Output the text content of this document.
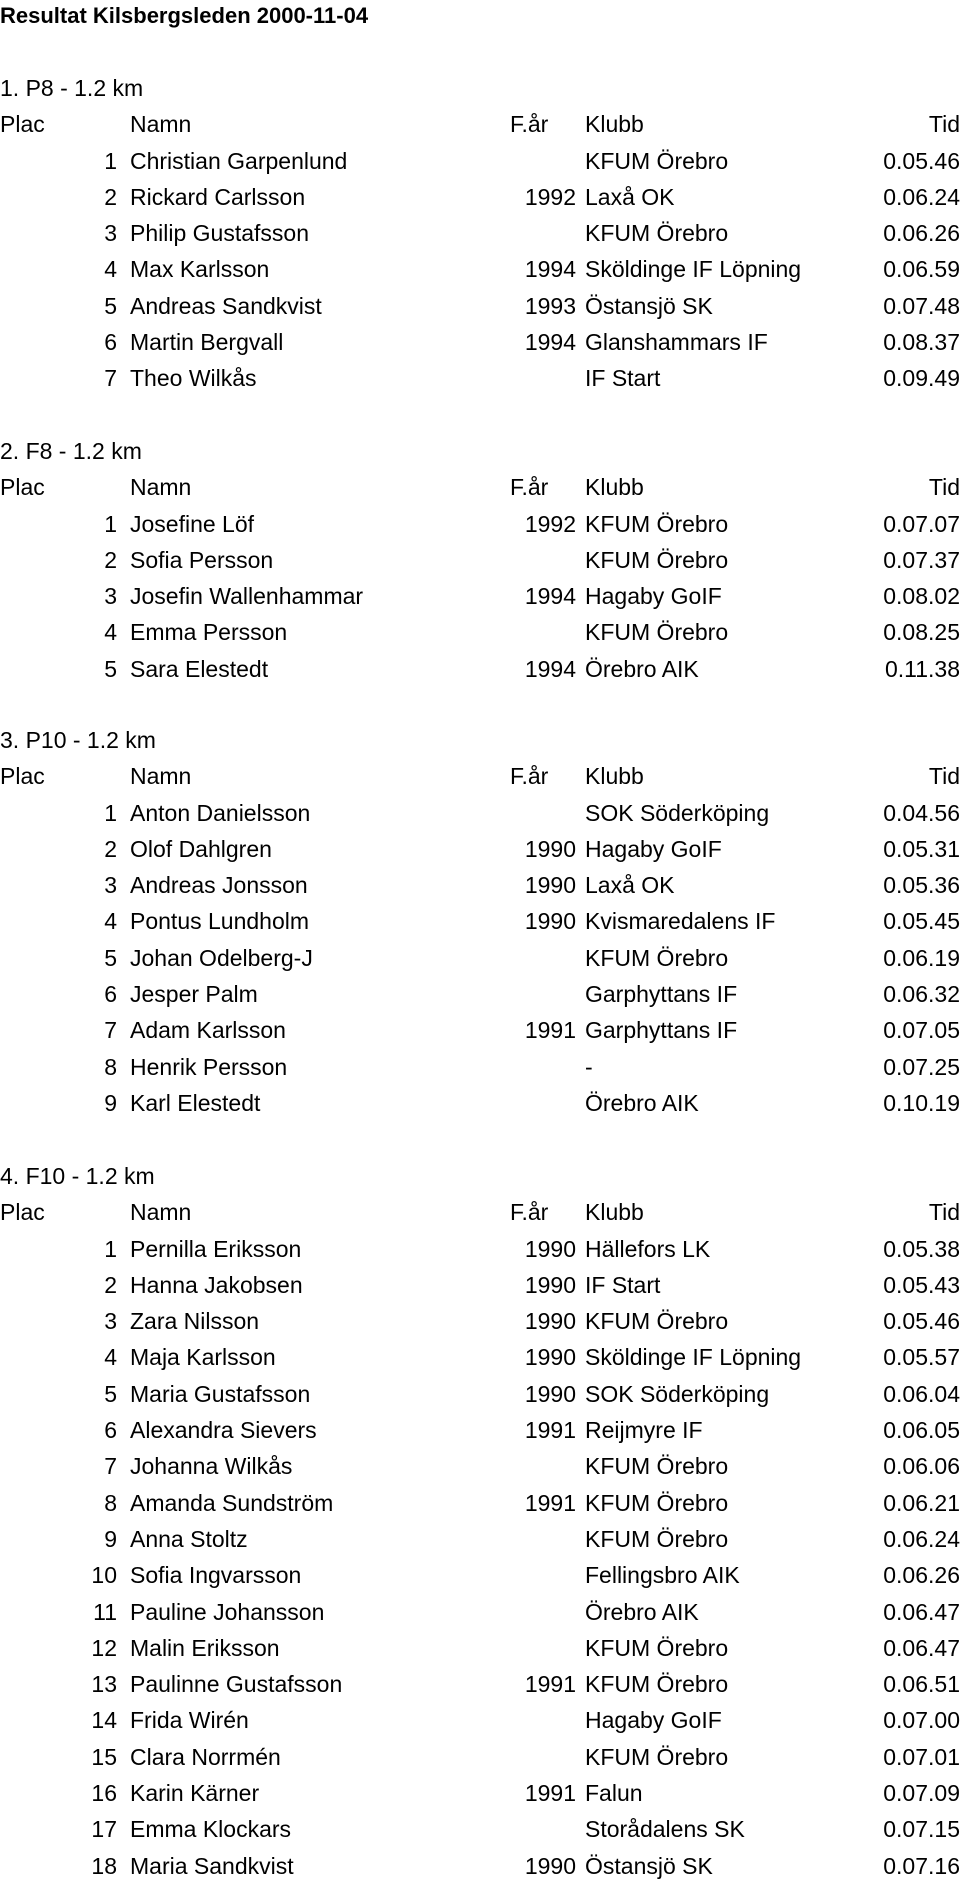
Resultat Kilsbergsleden 2000-11-04
1. P8 - 1.2 km
Plac	Namn	F.år Klubb	Tid
1 Christian Garpenlund	KFUM Örebro	0.05.46
2 Rickard Carlsson	1992 Laxå OK	0.06.24
3 Philip Gustafsson	KFUM Örebro	0.06.26
4 Max Karlsson	1994 Sköldinge IF Löpning	0.06.59
5 Andreas Sandkvist	1993 Östansjö SK	0.07.48
6 Martin Bergvall	1994 Glanshammars IF	0.08.37
7 Theo Wilkås	IF Start	0.09.49
2. F8 - 1.2 km
Plac	Namn	F.år Klubb	Tid
1 Josefine Löf	1992 KFUM Örebro	0.07.07
2 Sofia Persson	KFUM Örebro	0.07.37
3 Josefin Wallenhammar	1994 Hagaby GoIF	0.08.02
4 Emma Persson	KFUM Örebro	0.08.25
5 Sara Elestedt	1994 Örebro AIK	0.11.38
3. P10 - 1.2 km
Plac	Namn	F.år Klubb	Tid
1 Anton Danielsson	SOK Söderköping	0.04.56
2 Olof Dahlgren	1990 Hagaby GoIF	0.05.31
3 Andreas Jonsson	1990 Laxå OK	0.05.36
4 Pontus Lundholm	1990 Kvismaredalens IF	0.05.45
5 Johan Odelberg-J	KFUM Örebro	0.06.19
6 Jesper Palm	Garphyttans IF	0.06.32
7 Adam Karlsson	1991 Garphyttans IF	0.07.05
8 Henrik Persson	-	0.07.25
9 Karl Elestedt	Örebro AIK	0.10.19
4. F10 - 1.2 km
Plac	Namn	F.år Klubb	Tid
1 Pernilla Eriksson	1990 Hällefors LK	0.05.38
2 Hanna Jakobsen	1990 IF Start	0.05.43
3 Zara Nilsson	1990 KFUM Örebro	0.05.46
4 Maja Karlsson	1990 Sköldinge IF Löpning	0.05.57
5 Maria Gustafsson	1990 SOK Söderköping	0.06.04
6 Alexandra Sievers	1991 Reijmyre IF	0.06.05
7 Johanna Wilkås	KFUM Örebro	0.06.06
8 Amanda Sundström	1991 KFUM Örebro	0.06.21
9 Anna Stoltz	KFUM Örebro	0.06.24
10 Sofia Ingvarsson	Fellingsbro AIK	0.06.26
11 Pauline Johansson	Örebro AIK	0.06.47
12 Malin Eriksson	KFUM Örebro	0.06.47
13 Paulinne Gustafsson	1991 KFUM Örebro	0.06.51
14 Frida Wirén	Hagaby GoIF	0.07.00
15 Clara Norrmén	KFUM Örebro	0.07.01
16 Karin Kärner	1991 Falun	0.07.09
17 Emma Klockars	Storådalens SK	0.07.15
18 Maria Sandkvist	1990 Östansjö SK	0.07.16
